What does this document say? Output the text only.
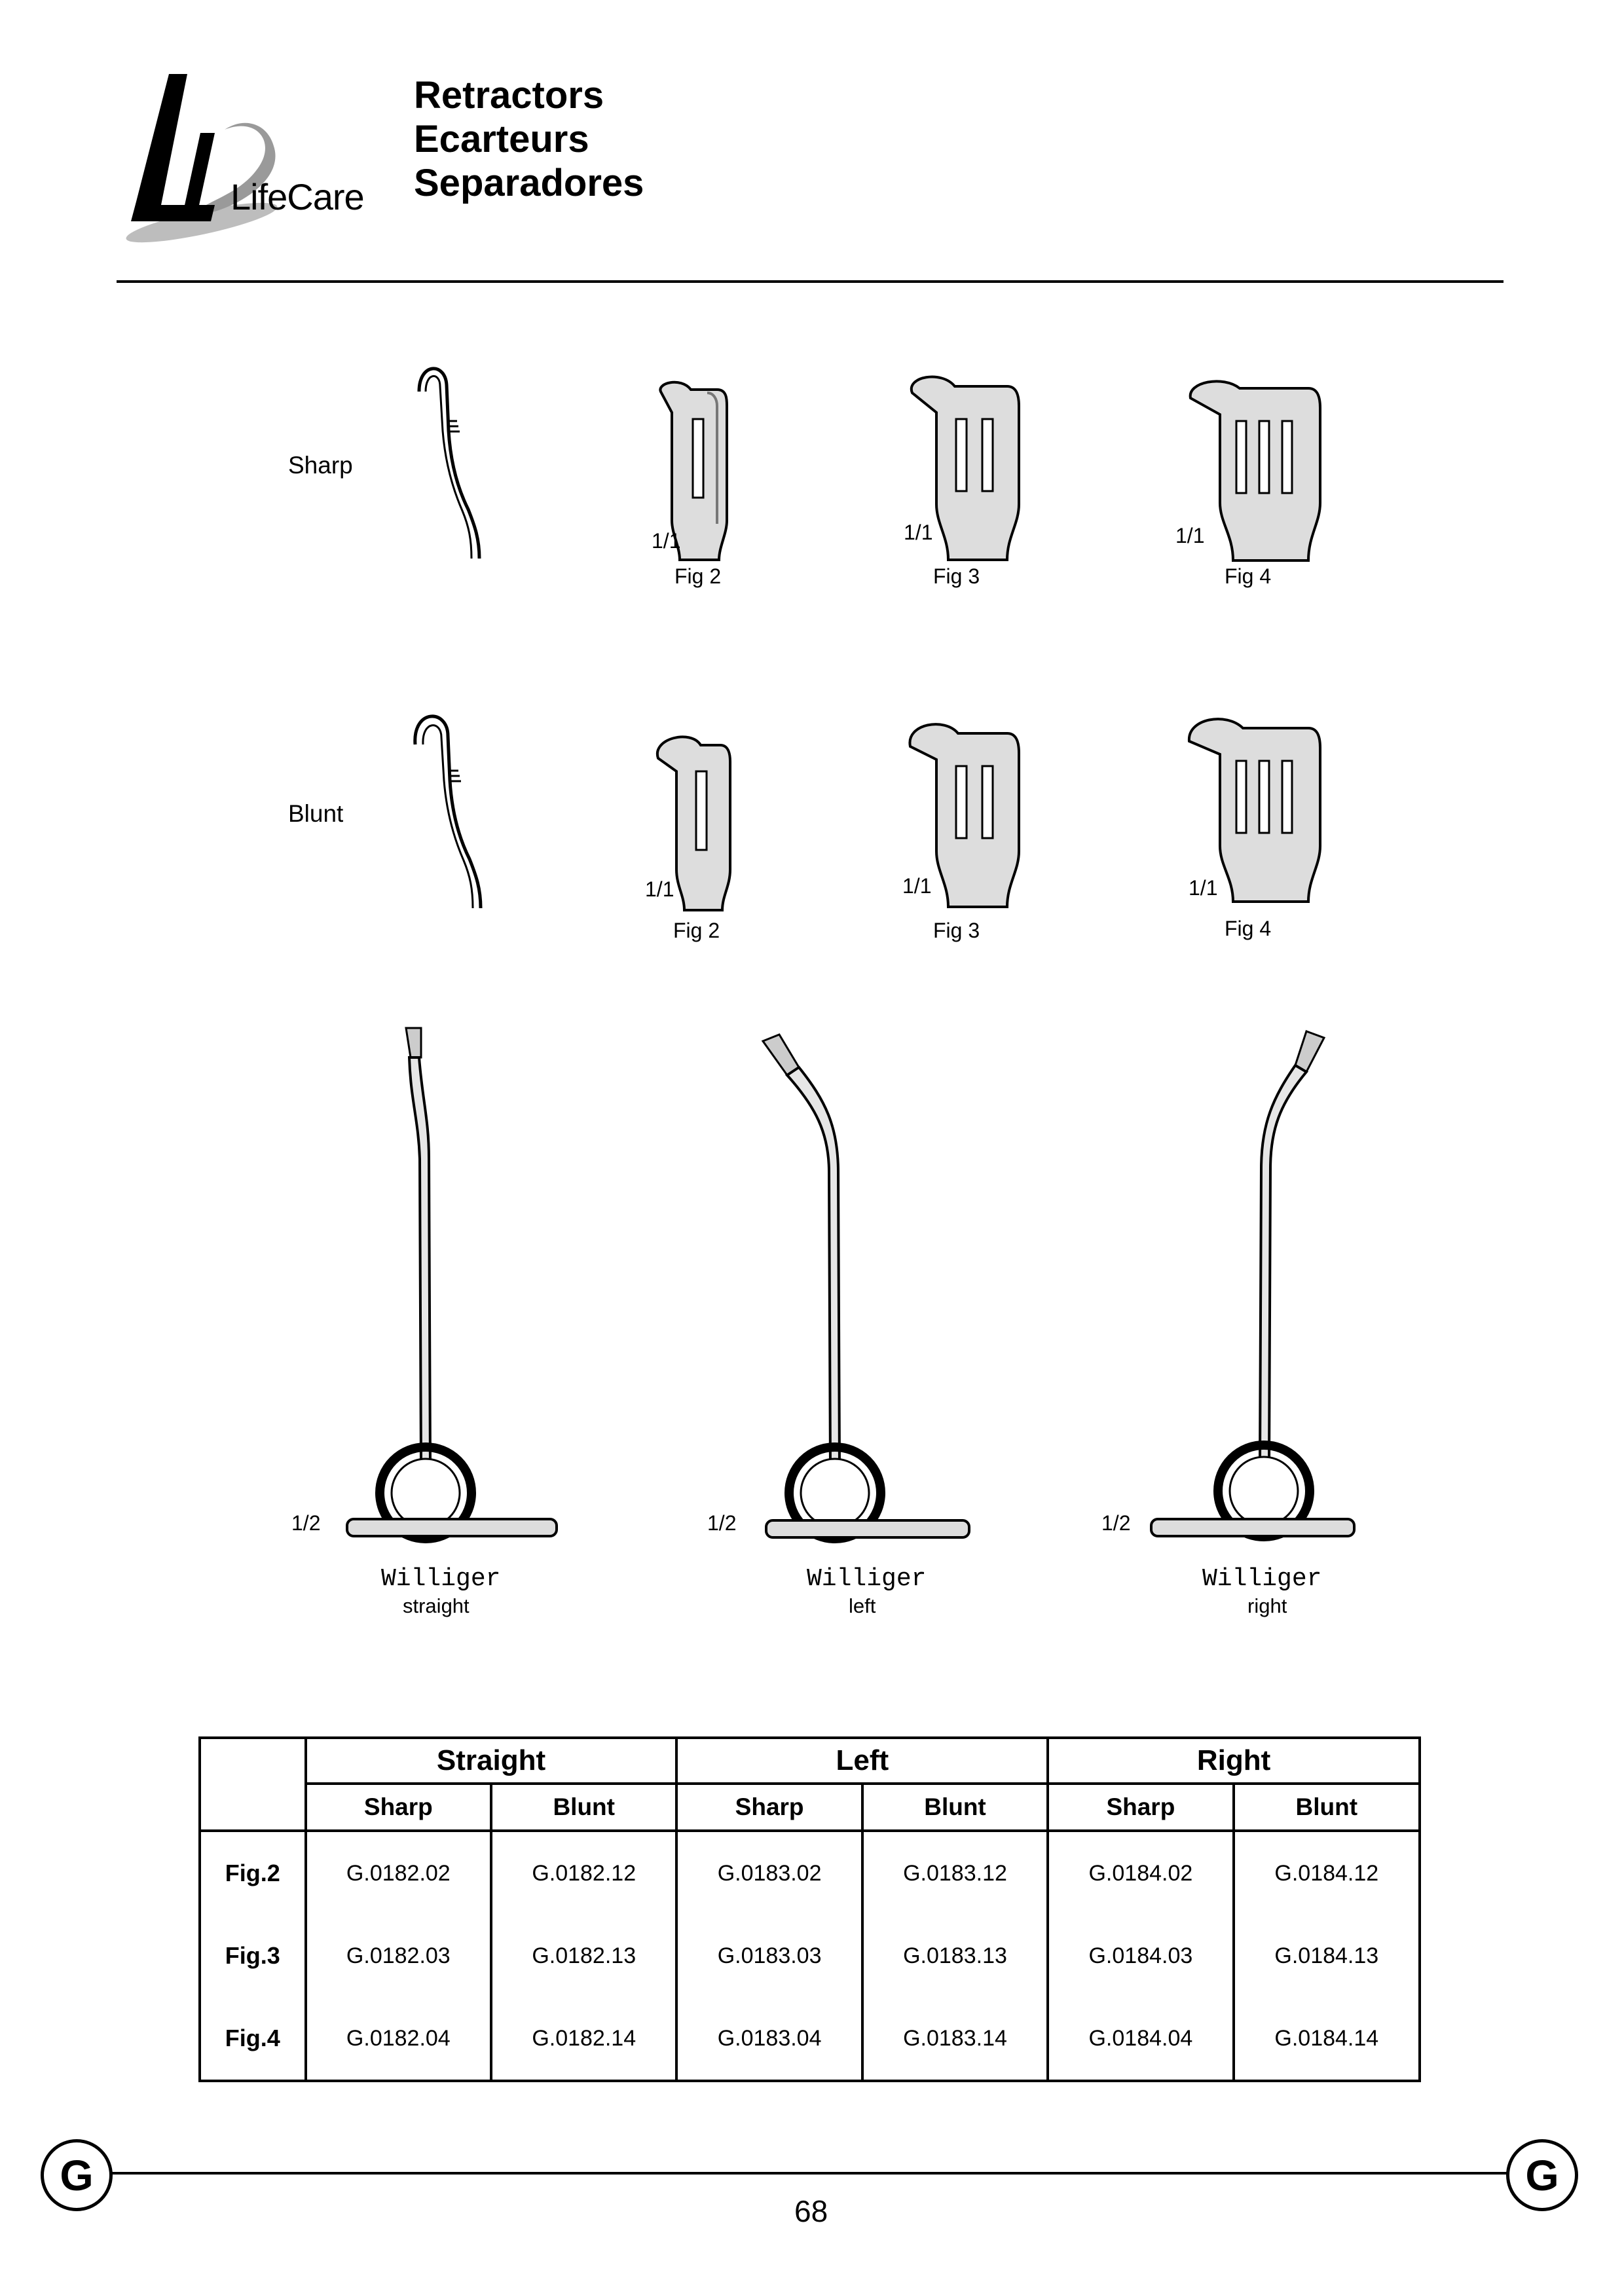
LifeCare
Retractors
Ecarteurs
Separadores
Sharp
1/1
Fig 2
1/1
Fig 3
1/1
Fig 4
Blunt
1/1
Fig 2
1/1
Fig 3
1/1
Fig 4
1/2
Williger
straight
1/2
Williger
left
1/2
Williger
right
	Straight		Left		Right	
	Sharp	Blunt	Sharp	Blunt	Sharp	Blunt
Fig.2	G.0182.02	G.0182.12	G.0183.02	G.0183.12	G.0184.02	G.0184.12
Fig.3	G.0182.03	G.0182.13	G.0183.03	G.0183.13	G.0184.03	G.0184.13
Fig.4	G.0182.04	G.0182.14	G.0183.04	G.0183.14	G.0184.04	G.0184.14
G	G
68
